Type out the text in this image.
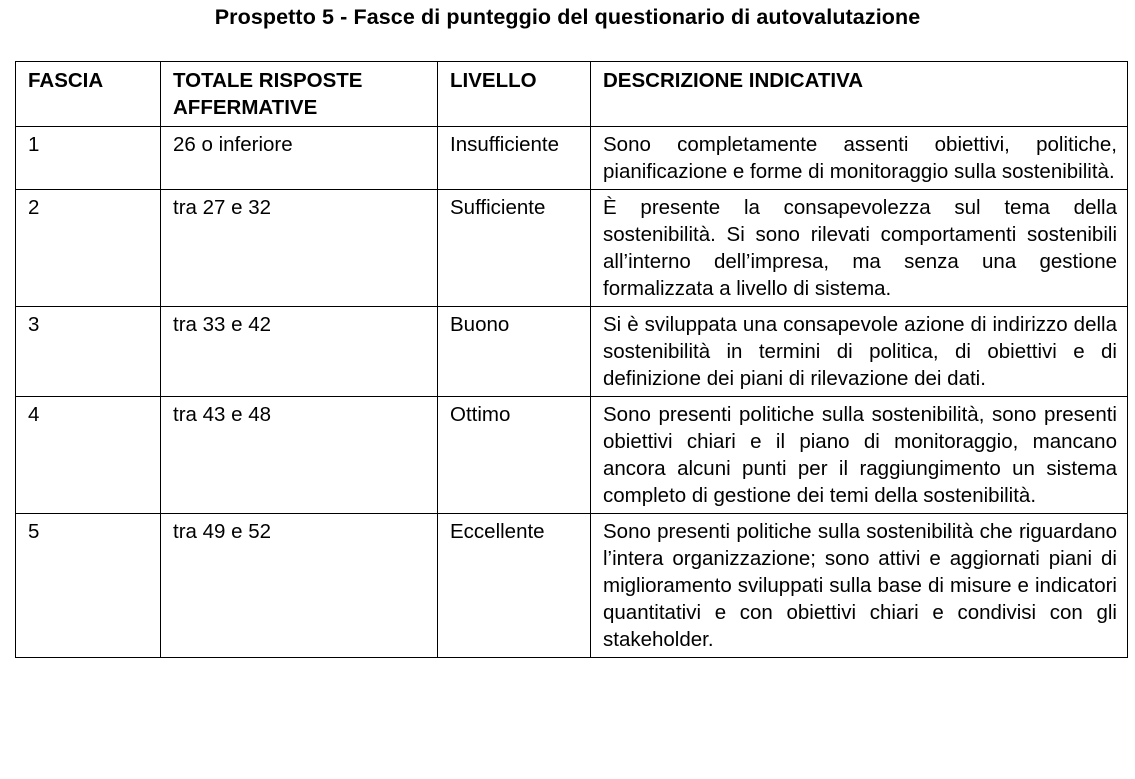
Prospetto 5 - Fasce di punteggio del questionario di autovalutazione
FASCIA	TOTALE RISPOSTE AFFERMATIVE	LIVELLO	DESCRIZIONE INDICATIVA
1	26 o inferiore	Insufficiente	Sono completamente assenti obiettivi, politiche, pianificazione e forme di monitoraggio sulla sostenibilità.
2	tra 27 e 32	Sufficiente	È presente la consapevolezza sul tema della sostenibilità. Si sono rilevati comportamenti sostenibili all’interno dell’impresa, ma senza una gestione formalizzata a livello di sistema.
3	tra 33 e 42	Buono	Si è sviluppata una consapevole azione di indirizzo della sostenibilità in termini di politica, di obiettivi e di definizione dei piani di rilevazione dei dati.
4	tra 43 e 48	Ottimo	Sono presenti politiche sulla sostenibilità, sono presenti obiettivi chiari e il piano di monitoraggio, mancano ancora alcuni punti per il raggiungimento un sistema completo di gestione dei temi della sostenibilità.
5	tra 49 e 52	Eccellente	Sono presenti politiche sulla sostenibilità che riguardano l’intera organizzazione; sono attivi e aggiornati piani di miglioramento sviluppati sulla base di misure e indicatori quantitativi e con obiettivi chiari e condivisi con gli stakeholder.
